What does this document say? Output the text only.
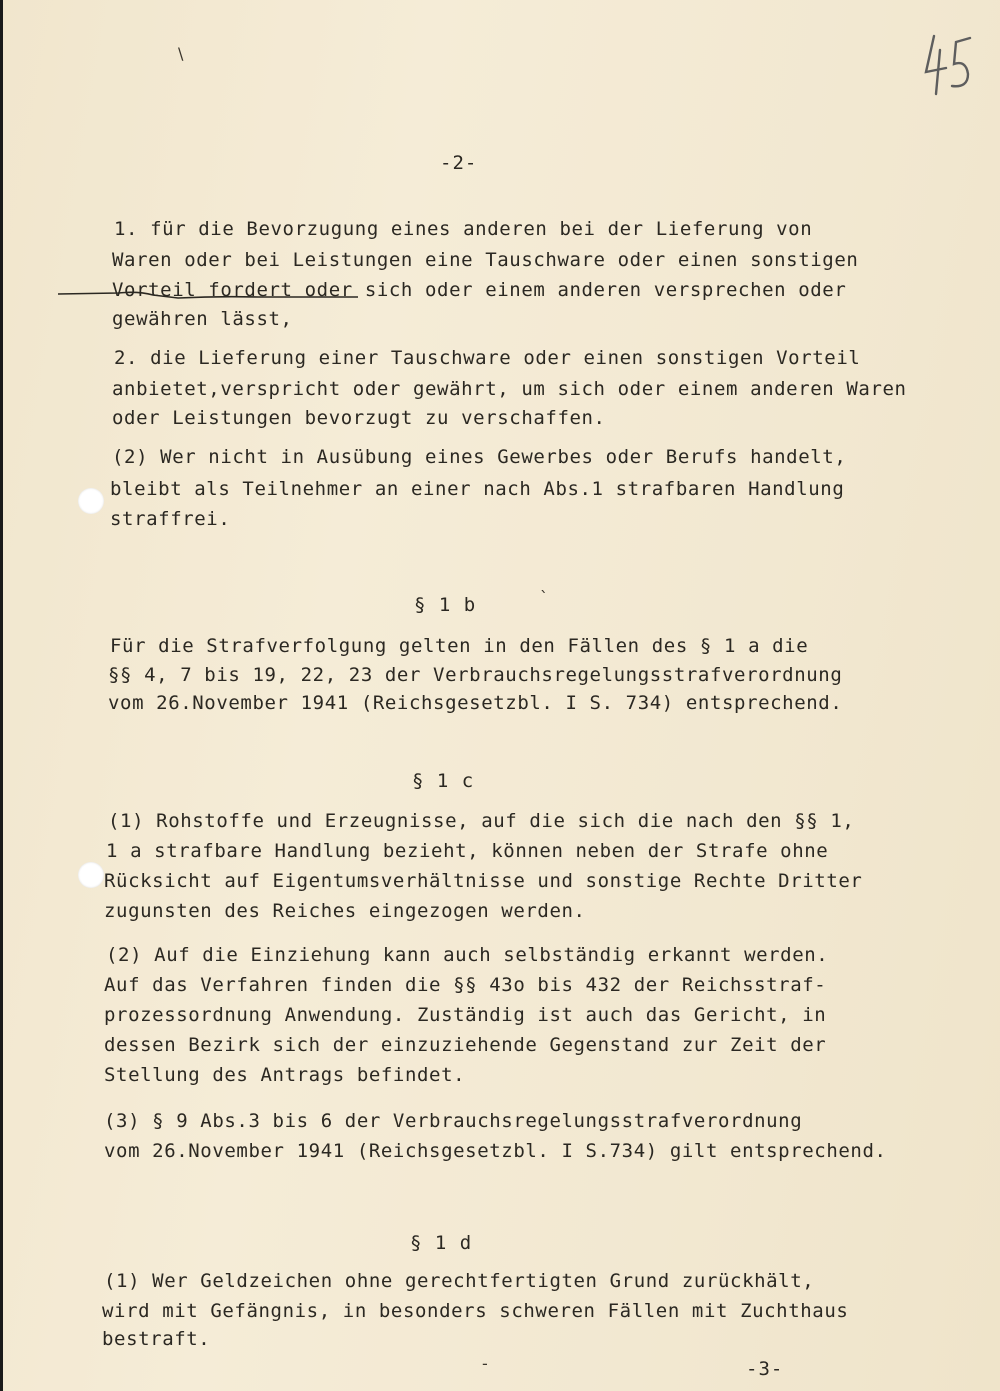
\
-2-
1. für die Bevorzugung eines anderen bei der Lieferung von
Waren oder bei Leistungen eine Tauschware oder einen sonstigen
Vorteil fordert oder sich oder einem anderen versprechen oder
gewähren lässt,
2. die Lieferung einer Tauschware oder einen sonstigen Vorteil
anbietet,verspricht oder gewährt, um sich oder einem anderen Waren
oder Leistungen bevorzugt zu verschaffen.
(2) Wer nicht in Ausübung eines Gewerbes oder Berufs handelt,
bleibt als Teilnehmer an einer nach Abs.1 strafbaren Handlung
straffrei.
§ 1 b	`
Für die Strafverfolgung gelten in den Fällen des § 1 a die
§§ 4, 7 bis 19, 22, 23 der Verbrauchsregelungsstrafverordnung
vom 26.November 1941 (Reichsgesetzbl. I S. 734) entsprechend.
§ 1 c
(1) Rohstoffe und Erzeugnisse, auf die sich die nach den §§ 1,
1 a strafbare Handlung bezieht, können neben der Strafe ohne
Rücksicht auf Eigentumsverhältnisse und sonstige Rechte Dritter
zugunsten des Reiches eingezogen werden.
(2) Auf die Einziehung kann auch selbständig erkannt werden.
Auf das Verfahren finden die §§ 43o bis 432 der Reichsstraf-
prozessordnung Anwendung. Zuständig ist auch das Gericht, in
dessen Bezirk sich der einzuziehende Gegenstand zur Zeit der
Stellung des Antrags befindet.
(3) § 9 Abs.3 bis 6 der Verbrauchsregelungsstrafverordnung
vom 26.November 1941 (Reichsgesetzbl. I S.734) gilt entsprechend.
§ 1 d
(1) Wer Geldzeichen ohne gerechtfertigten Grund zurückhält,
wird mit Gefängnis, in besonders schweren Fällen mit Zuchthaus
bestraft.
-	-3-
